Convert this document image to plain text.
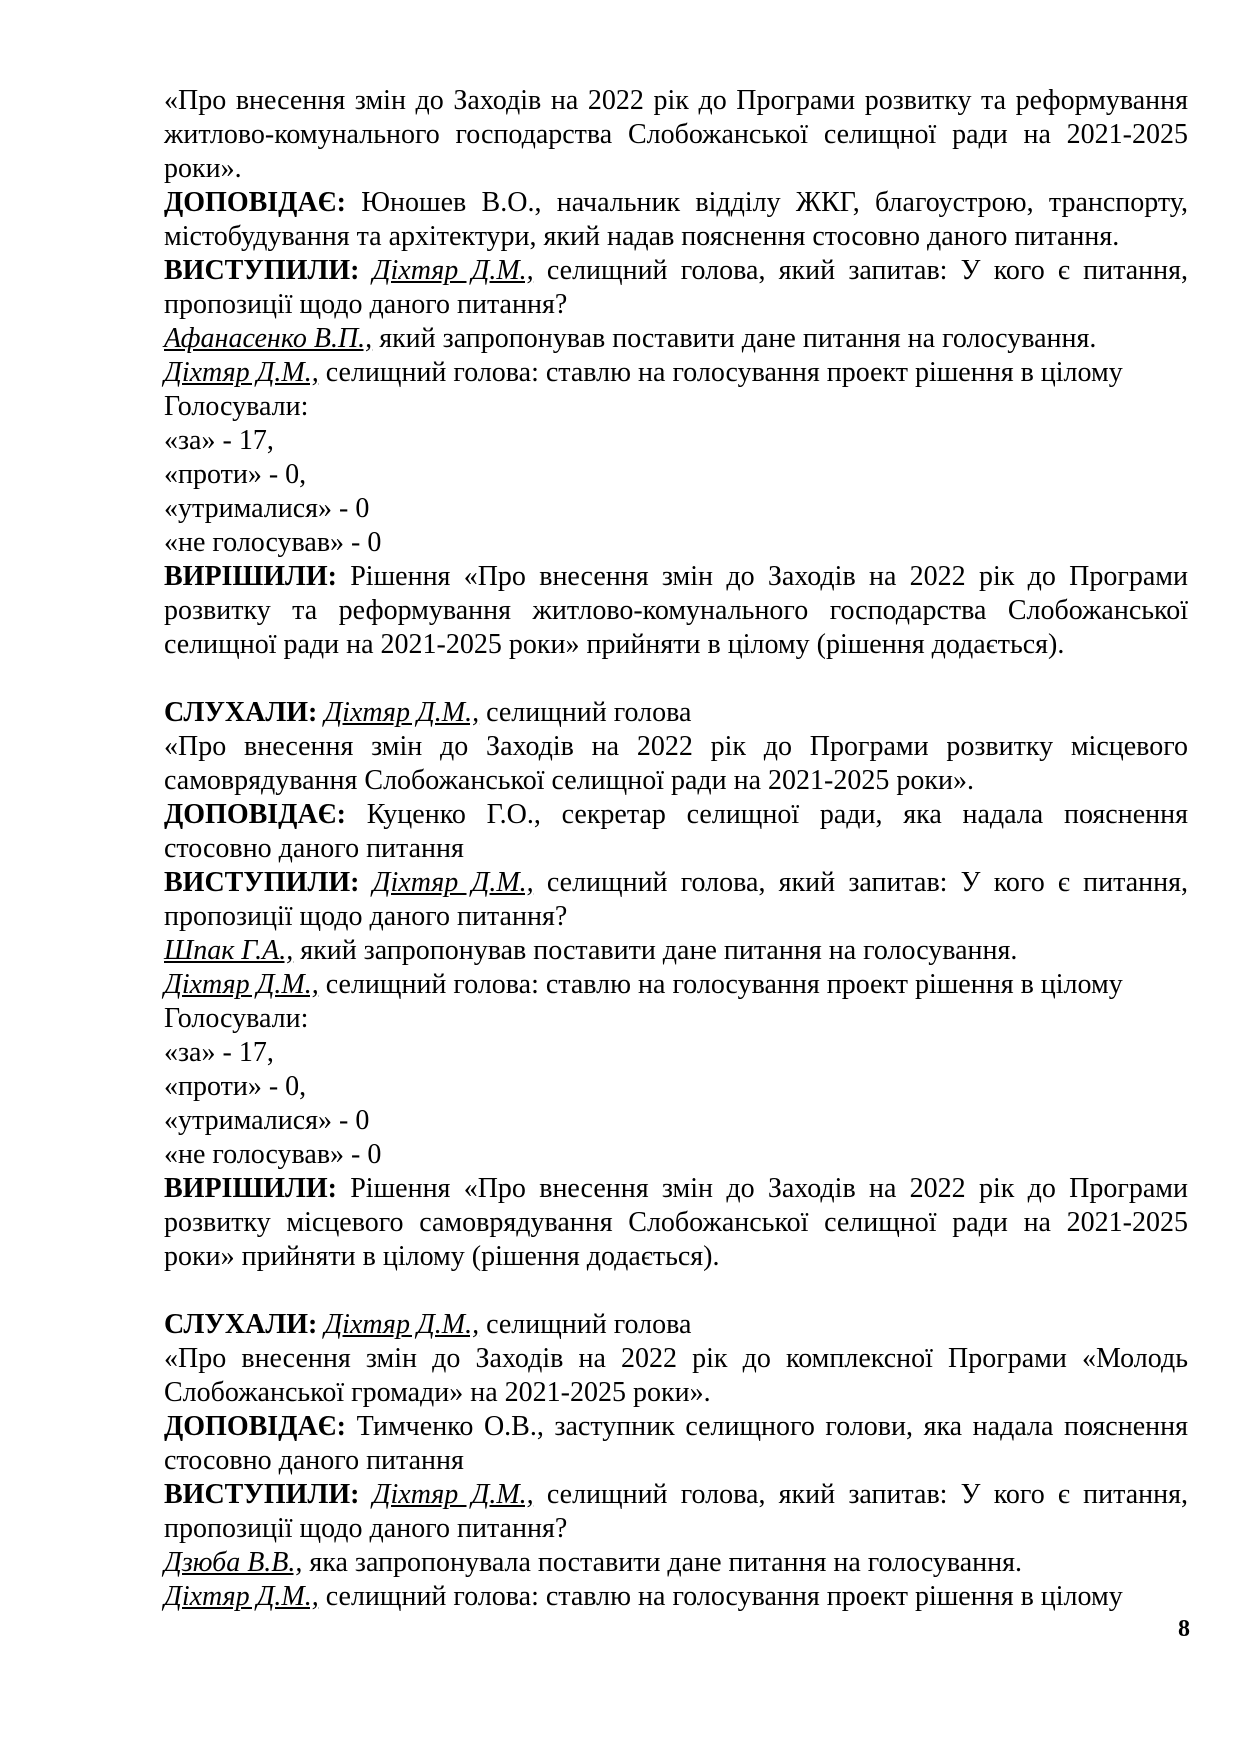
«Про внесення змін до Заходів на 2022 рік до Програми розвитку та реформування житлово-комунального господарства Слобожанської селищної ради на 2021-2025 роки».

ДОПОВІДАЄ: Юношев В.О., начальник відділу ЖКГ, благоустрою, транспорту, містобудування та архітектури, який надав пояснення стосовно даного питання.

ВИСТУПИЛИ: Діхтяр Д.М., селищний голова, який запитав: У кого є питання, пропозиції щодо даного питання?

Афанасенко В.П., який запропонував поставити дане питання на голосування.

Діхтяр Д.М., селищний голова: ставлю на голосування проект рішення в цілому

Голосували:

«за» - 17,

«проти» - 0,

«утрималися» - 0

«не голосував» - 0

ВИРІШИЛИ: Рішення «Про внесення змін до Заходів на 2022 рік до Програми розвитку та реформування житлово-комунального господарства Слобожанської селищної ради на 2021-2025 роки» прийняти в цілому (рішення додається).

СЛУХАЛИ: Діхтяр Д.М., селищний голова

«Про внесення змін до Заходів на 2022 рік до Програми розвитку місцевого самоврядування Слобожанської селищної ради на 2021-2025 роки».

ДОПОВІДАЄ: Куценко Г.О., секретар селищної ради, яка надала пояснення стосовно даного питання

ВИСТУПИЛИ: Діхтяр Д.М., селищний голова, який запитав: У кого є питання, пропозиції щодо даного питання?

Шпак Г.А., який запропонував поставити дане питання на голосування.

Діхтяр Д.М., селищний голова: ставлю на голосування проект рішення в цілому

Голосували:

«за» - 17,

«проти» - 0,

«утрималися» - 0

«не голосував» - 0

ВИРІШИЛИ: Рішення «Про внесення змін до Заходів на 2022 рік до Програми розвитку місцевого самоврядування Слобожанської селищної ради на 2021-2025 роки» прийняти в цілому (рішення додається).

СЛУХАЛИ: Діхтяр Д.М., селищний голова

«Про внесення змін до Заходів на 2022 рік до комплексної Програми «Молодь Слобожанської громади» на 2021-2025 роки».

ДОПОВІДАЄ: Тимченко О.В., заступник селищного голови, яка надала пояснення стосовно даного питання

ВИСТУПИЛИ: Діхтяр Д.М., селищний голова, який запитав: У кого є питання, пропозиції щодо даного питання?

Дзюба В.В., яка запропонувала поставити дане питання на голосування.

Діхтяр Д.М., селищний голова: ставлю на голосування проект рішення в цілому

8
